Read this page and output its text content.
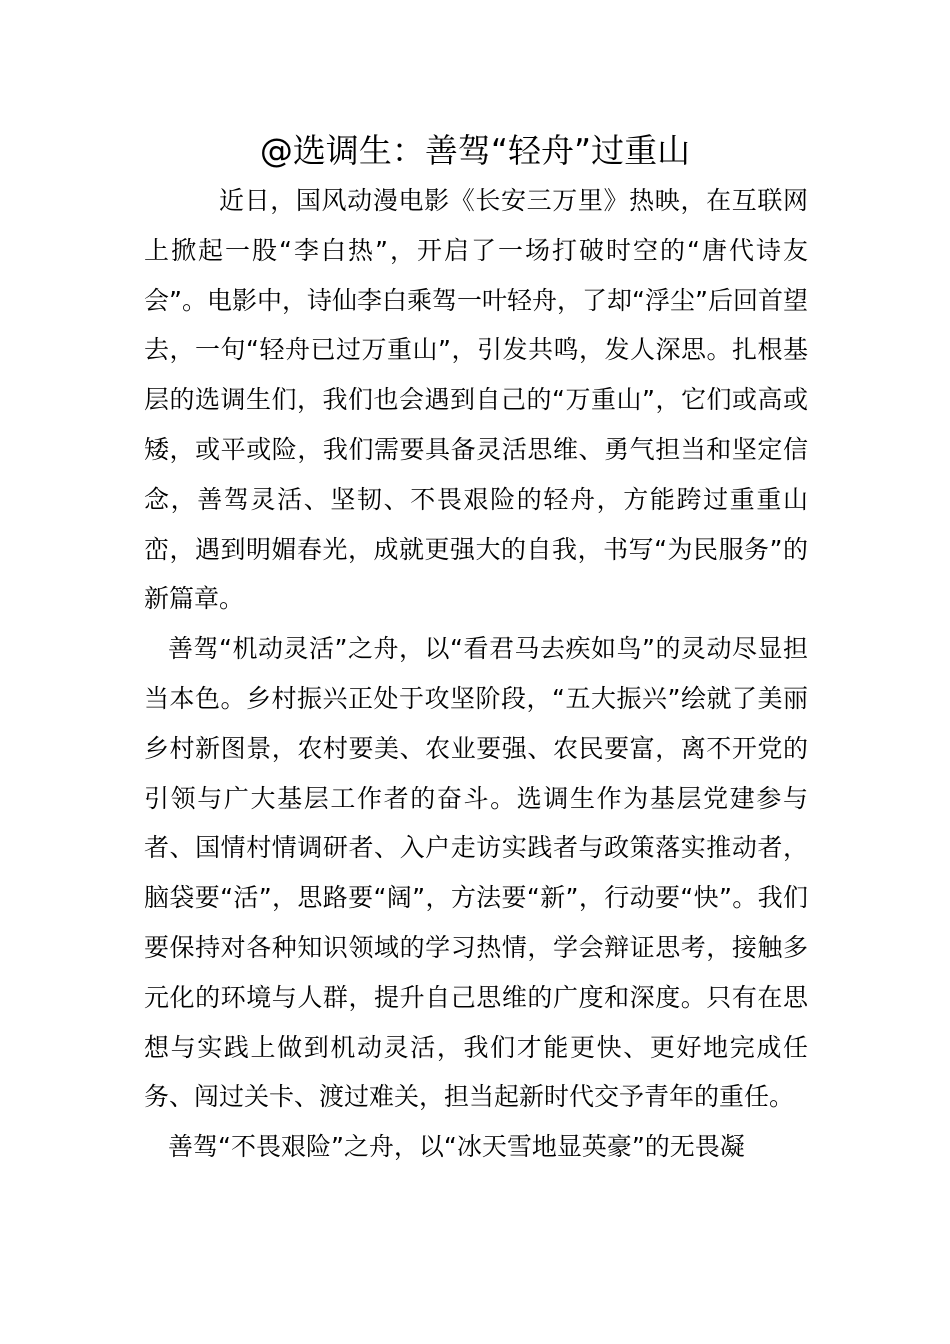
@选调生：善驾“轻舟”过重山

近日，国风动漫电影《长安三万里》热映，在互联网上掀起一股“李白热”，开启了一场打破时空的“唐代诗友会”。电影中，诗仙李白乘驾一叶轻舟，了却“浮尘”后回首望去，一句“轻舟已过万重山”，引发共鸣，发人深思。扎根基层的选调生们，我们也会遇到自己的“万重山”，它们或高或矮，或平或险，我们需要具备灵活思维、勇气担当和坚定信念，善驾灵活、坚韧、不畏艰险的轻舟，方能跨过重重山峦，遇到明媚春光，成就更强大的自我，书写“为民服务”的新篇章。

善驾“机动灵活”之舟，以“看君马去疾如鸟”的灵动尽显担当本色。乡村振兴正处于攻坚阶段，“五大振兴”绘就了美丽乡村新图景，农村要美、农业要强、农民要富，离不开党的引领与广大基层工作者的奋斗。选调生作为基层党建参与者、国情村情调研者、入户走访实践者与政策落实推动者，脑袋要“活”，思路要“阔”，方法要“新”，行动要“快”。我们要保持对各种知识领域的学习热情，学会辩证思考，接触多元化的环境与人群，提升自己思维的广度和深度。只有在思想与实践上做到机动灵活，我们才能更快、更好地完成任务、闯过关卡、渡过难关，担当起新时代交予青年的重任。

善驾“不畏艰险”之舟，以“冰天雪地显英豪”的无畏凝
